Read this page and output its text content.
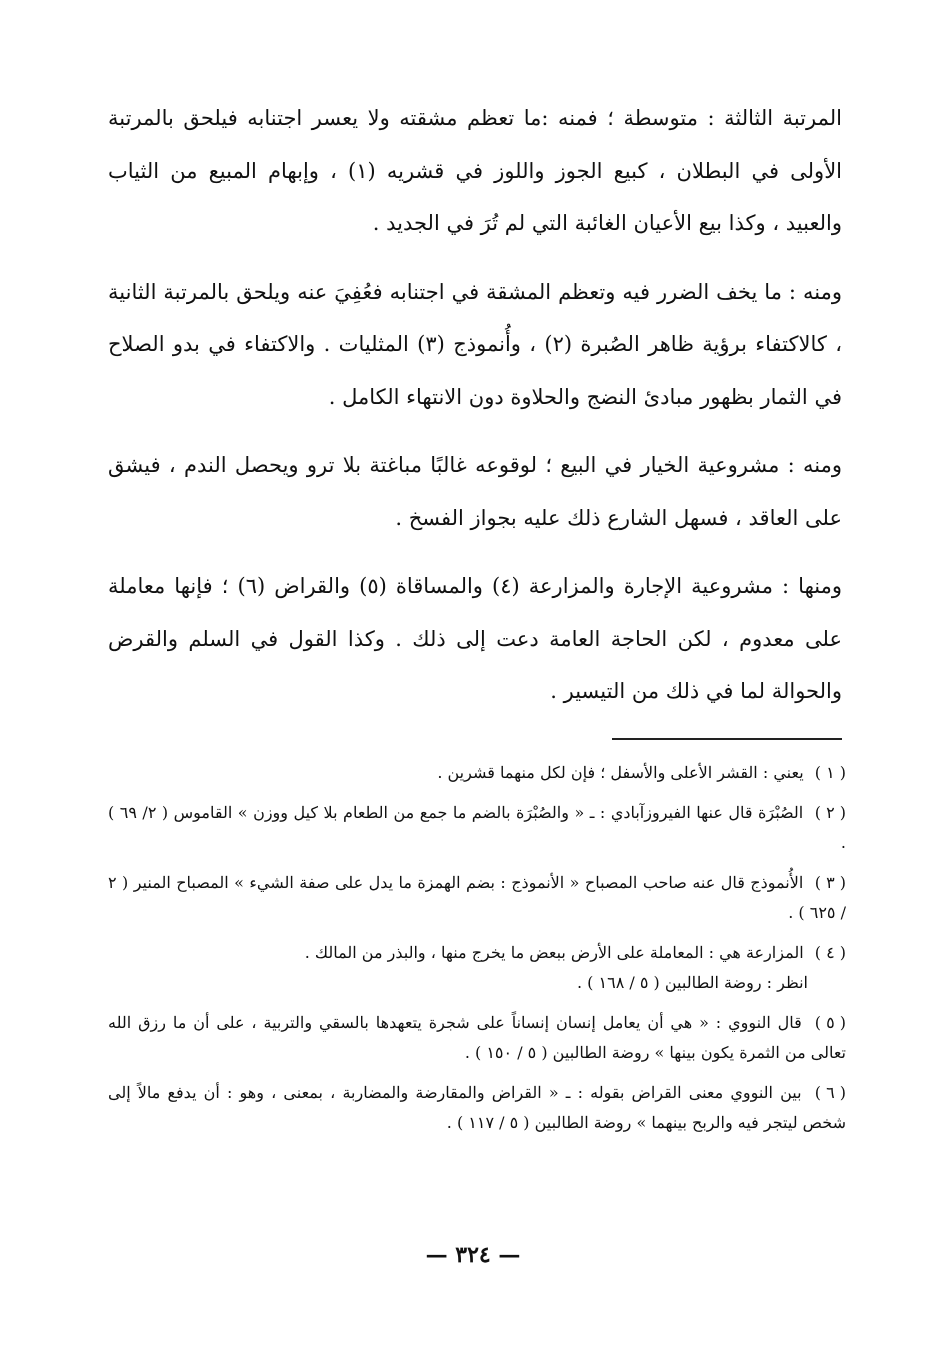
المرتبة الثالثة : متوسطة ؛ فمنه :ما تعظم مشقته ولا يعسر اجتنابه فيلحق بالمرتبة الأولى في البطلان ، كبيع الجوز واللوز في قشريه (١) ، وإبهام المبيع من الثياب والعبيد ، وكذا بيع الأعيان الغائبة التي لم تُرَ في الجديد .

ومنه : ما يخف الضرر فيه وتعظم المشقة في اجتنابه فعُفِيَ عنه ويلحق بالمرتبة الثانية ، كالاكتفاء برؤية ظاهر الصُبرة (٢) ، وأُنموذج (٣) المثليات . والاكتفاء في بدو الصلاح في الثمار بظهور مبادئ النضج والحلاوة دون الانتهاء الكامل .

ومنه : مشروعية الخيار في البيع ؛ لوقوعه غالبًا مباغتة بلا ترو ويحصل الندم ، فيشق على العاقد ، فسهل الشارع ذلك عليه بجواز الفسخ .

ومنها : مشروعية الإجارة والمزارعة (٤) والمساقاة (٥) والقراض (٦) ؛ فإنها معاملة على معدوم ، لكن الحاجة العامة دعت إلى ذلك . وكذا القول في السلم والقرض والحوالة لما في ذلك من التيسير .

( ١ ) يعني : القشر الأعلى والأسفل ؛ فإن لكل منهما قشرين .

( ٢ ) الصُبْرَة قال عنها الفيروزآبادي : ـ « والصُبْرَة بالضم ما جمع من الطعام بلا كيل ووزن » القاموس ( ٢/ ٦٩ ) .

( ٣ ) الأُنموذج قال عنه صاحب المصباح « الأنموذج : بضم الهمزة ما يدل على صفة الشيء » المصباح المنير ( ٢ / ٦٢٥ ) .

( ٤ ) المزارعة هي : المعاملة على الأرض ببعض ما يخرج منها ، والبذر من المالك .
انظر : روضة الطالبين ( ٥ / ١٦٨ ) .

( ٥ ) قال النووي : « هي أن يعامل إنسان إنساناً على شجرة يتعهدها بالسقي والتربية ، على أن ما رزق الله تعالى من الثمرة يكون بينها » روضة الطالبين ( ٥ / ١٥٠ ) .

( ٦ ) بين النووي معنى القراض بقوله : ـ « القراض والمقارضة والمضاربة ، بمعنى ، وهو : أن يدفع مالاً إلى شخص ليتجر فيه والربح بينهما » روضة الطالبين ( ٥ / ١١٧ ) .

— ٣٢٤ —
